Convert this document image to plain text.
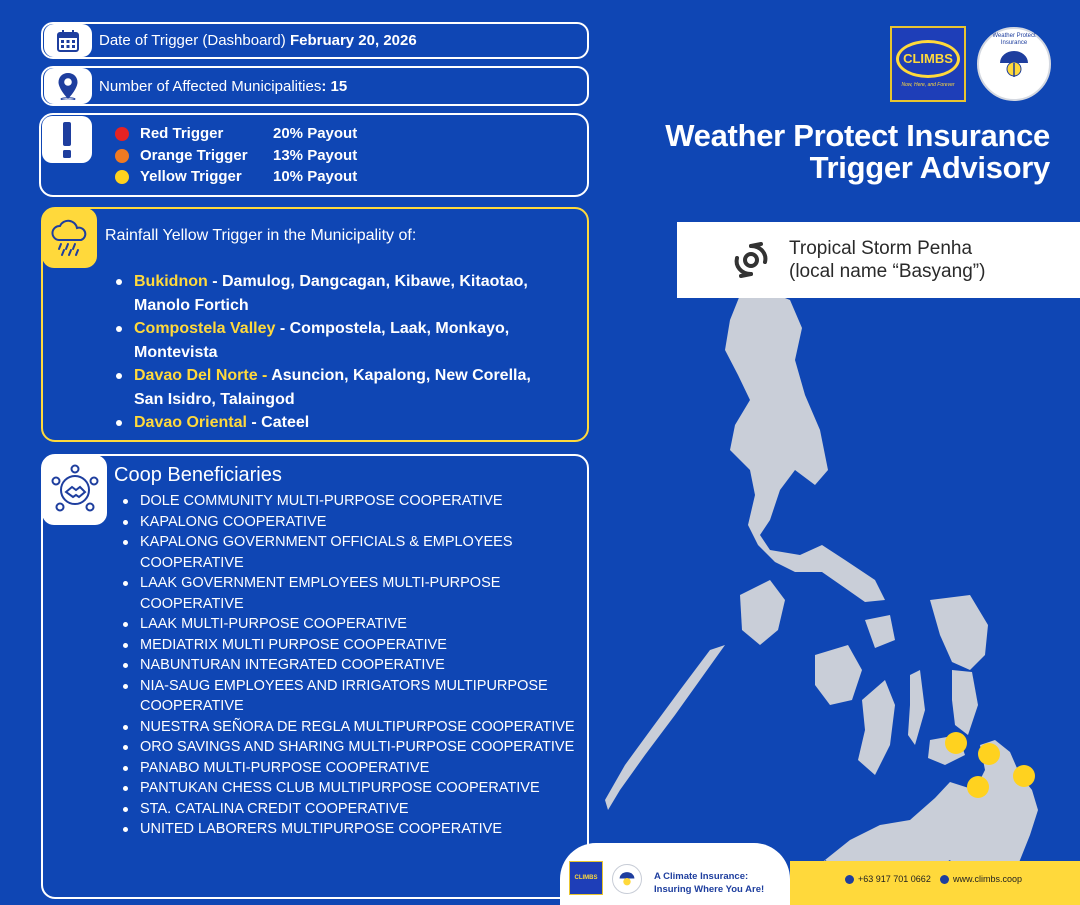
Date of Trigger (Dashboard) February 20, 2026
Number of Affected Municipalities: 15
Red Trigger	20% Payout
Orange Trigger	13% Payout
Yellow Trigger	10% Payout
Rainfall Yellow Trigger in the Municipality of:
Bukidnon - Damulog, Dangcagan, Kibawe, Kitaotao, Manolo Fortich
Compostela Valley - Compostela, Laak, Monkayo, Montevista
Davao Del Norte - Asuncion, Kapalong, New Corella, San Isidro, Talaingod
Davao Oriental - Cateel
Coop Beneficiaries
DOLE COMMUNITY MULTI-PURPOSE COOPERATIVE
KAPALONG COOPERATIVE
KAPALONG GOVERNMENT OFFICIALS & EMPLOYEES COOPERATIVE
LAAK GOVERNMENT EMPLOYEES MULTI-PURPOSE COOPERATIVE
LAAK MULTI-PURPOSE COOPERATIVE
MEDIATRIX MULTI PURPOSE COOPERATIVE
NABUNTURAN INTEGRATED COOPERATIVE
NIA-SAUG EMPLOYEES AND IRRIGATORS MULTIPURPOSE COOPERATIVE
NUESTRA SEÑORA DE REGLA MULTIPURPOSE COOPERATIVE
ORO SAVINGS AND SHARING MULTI-PURPOSE COOPERATIVE
PANABO MULTI-PURPOSE COOPERATIVE
PANTUKAN CHESS CLUB MULTIPURPOSE COOPERATIVE
STA. CATALINA CREDIT COOPERATIVE
UNITED LABORERS MULTIPURPOSE COOPERATIVE
CLIMBS
Now, Here, and Forever
Weather Protect Insurance
Weather Protect Insurance
Trigger Advisory
Tropical Storm Penha
(local name “Basyang”)
+63 917 701 0662 www.climbs.coop
CLIMBS	A Climate Insurance:
Insuring Where You Are!
